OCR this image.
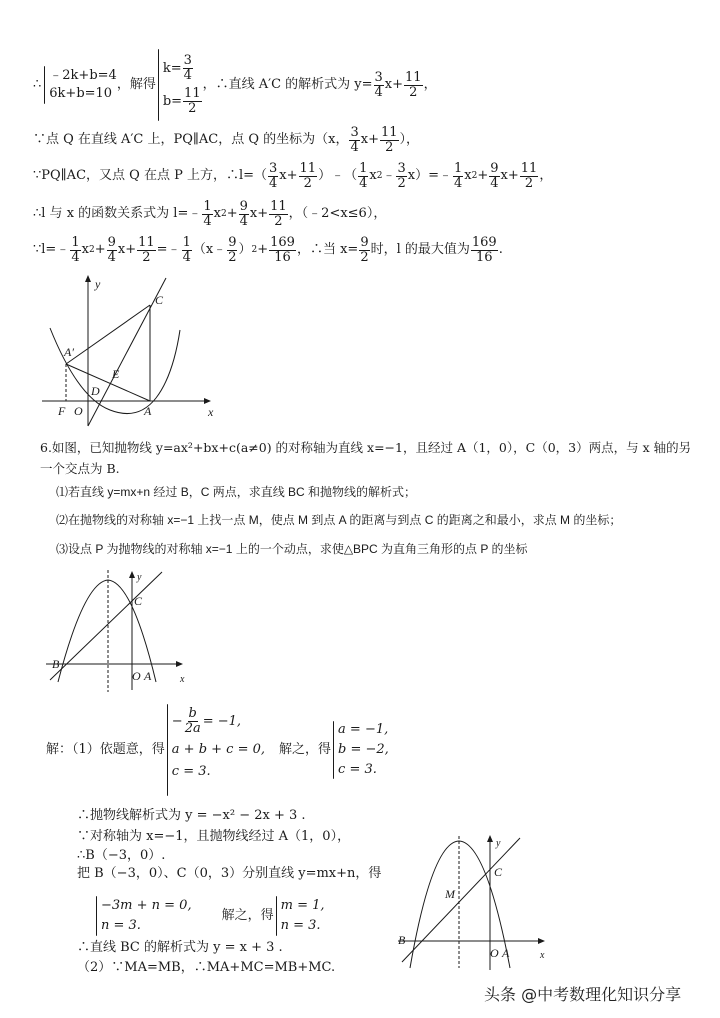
∴
﹣2k+b=4
6k+b=10
，解得
$k= \frac{3}{4}$
$b= \frac{11}{2}$
，∴直线 A′C 的解析式为 $y= \frac{3}{4} x+ \frac{11}{2}$ ，
∵点 Q 在直线 A′C 上，PQ∥AC，点 Q 的坐标为（x， $\frac{3}{4} x+ \frac{11}{2}$ ），
∵PQ∥AC，又点 Q 在点 P 上方，∴l=（ $\frac{3}{4} x+ \frac{11}{2}$ ）﹣（ $\frac{1}{4}$ x 2 ﹣ $\frac{3}{2}$ x）=﹣ $\frac{1}{4}$ x $2 + \frac{9}{4} x+ \frac{11}{2}$ ，
∴l 与 x 的函数关系式为 l=﹣ $\frac{1}{4}$ x $2 + \frac{9}{4} x+ \frac{11}{2}$ ，（﹣2<x≤6），
∵l=﹣ $\frac{1}{4}$ x $2 + \frac{9}{4} x+ \frac{11}{2}$ =﹣ $\frac{1}{4}$ （x﹣ $\frac{9}{2}$ ） $2 + \frac{169}{16}$ ，∴当 $x= \frac{9}{2}$ 时，l 的最大值为 $\frac{169}{16}$ .
y
C
A′
E
D
F O	A	x
6.如图，已知抛物线 y=ax²+bx+c(a≠0) 的对称轴为直线 x=−1，且经过 A（1，0），C（0，3）两点，与 x 轴的另
一个交点为 B.
⑴若直线 y=mx+n 经过 B，C 两点，求直线 BC 和抛物线的解析式；
⑵在抛物线的对称轴 x=−1 上找一点 M，使点 M 到点 A 的距离与到点 C 的距离之和最小，求点 M 的坐标；
⑶设点 P 为抛物线的对称轴 x=−1 上的一个动点，求使△BPC 为直角三角形的点 P 的坐标
y
C
B
O A	x
解：（1）依题意，得
− $\frac{b}{2a} = -1$,
a + b + c = 0,
c = 3.
解之，得
a = −1,
b = −2,
c = 3.
∴抛物线解析式为 y = −x² − 2x + 3 .
∵对称轴为 x=−1，且抛物线经过 A（1，0），
∴B（−3，0）.
把 B（−3，0）、C（0，3）分别直线 y=mx+n，得
−3m + n = 0,
n = 3.
解之，得
m = 1,
n = 3.
∴直线 BC 的解析式为 y = x + 3 .
（2）∵MA=MB，∴MA+MC=MB+MC.
y
C
M
B
O A	x
头条 @中考数理化知识分享
